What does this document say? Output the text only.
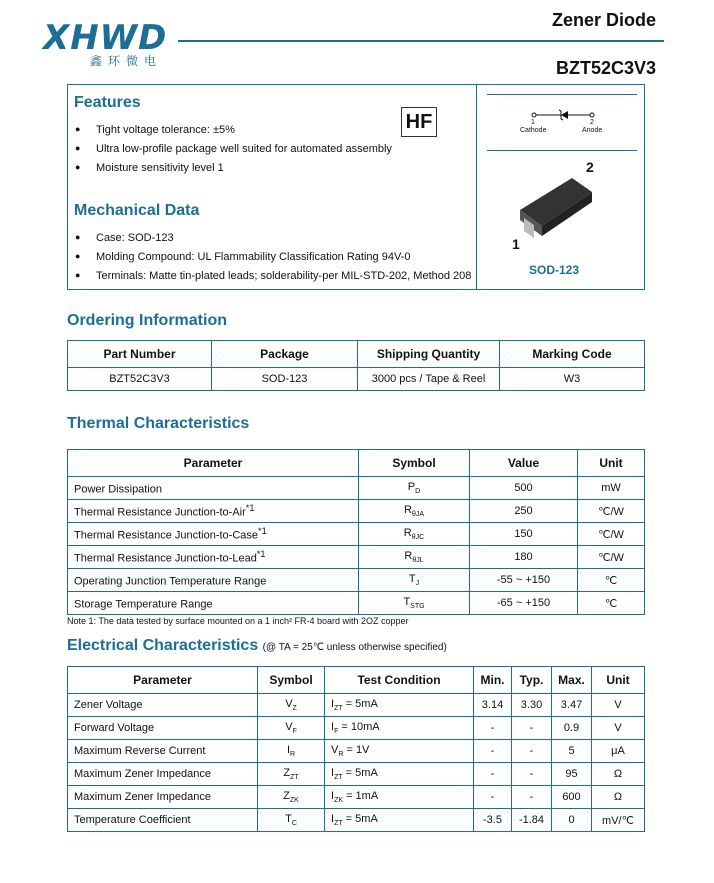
XHWD
鑫环微电
Zener Diode
BZT52C3V3
Features
HF
● Tight voltage tolerance: ±5%
● Ultra low-profile package well suited for automated assembly
● Moisture sensitivity level 1
Mechanical Data
● Case: SOD-123
● Molding Compound: UL Flammability Classification Rating 94V-0
● Terminals: Matte tin-plated leads; solderability-per MIL-STD-202, Method 208
1
Cathode
2
Anode
2
1
SOD-123
Ordering Information
Part Number	Package	Shipping Quantity	Marking Code
BZT52C3V3	SOD-123	3000 pcs / Tape & Reel	W3
Thermal Characteristics
Parameter	Symbol	Value	Unit
Power Dissipation	$P_D$	500	mW
Thermal Resistance Junction-to-Air$^{*1}$	$R_{\theta JA}$	250	℃/W
Thermal Resistance Junction-to-Case$^{*1}$	$R_{\theta JC}$	150	℃/W
Thermal Resistance Junction-to-Lead$^{*1}$	$R_{\theta JL}$	180	℃/W
Operating Junction Temperature Range	$T_J$	-55 ~ +150	℃
Storage Temperature Range	$T_{STG}$	-65 ~ +150	℃
Note 1: The data tested by surface mounted on a 1 inch² FR-4 board with 2OZ copper
Electrical Characteristics (@ TA = 25℃ unless otherwise specified)
Parameter	Symbol	Test Condition	Min.	Typ.	Max.	Unit
Zener Voltage	$V_Z$	$I_{ZT} = 5mA$	3.14	3.30	3.47	V
Forward Voltage	$V_F$	$I_F = 10mA$	-	-	0.9	V
Maximum Reverse Current	$I_R$	$V_R = 1V$	-	-	5	μA
Maximum Zener Impedance	$Z_{ZT}$	$I_{ZT} = 5mA$	-	-	95	Ω
Maximum Zener Impedance	$Z_{ZK}$	$I_{ZK} = 1mA$	-	-	600	Ω
Temperature Coefficient	$T_C$	$I_{ZT} = 5mA$	-3.5	-1.84	0	mV/℃
